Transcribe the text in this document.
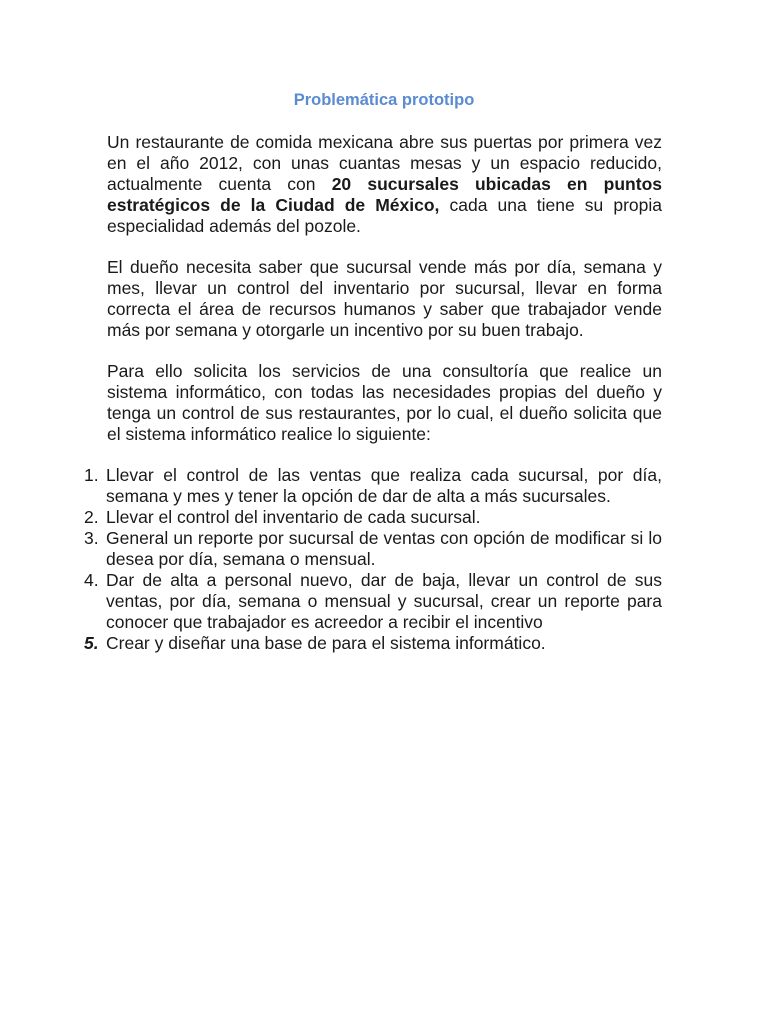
Problemática prototipo

Un restaurante de comida mexicana abre sus puertas por primera vez en el año 2012, con unas cuantas mesas y un espacio reducido, actualmente cuenta con 20 sucursales ubicadas en puntos estratégicos de la Ciudad de México, cada una tiene su propia especialidad además del pozole.

El dueño necesita saber que sucursal vende más por día, semana y mes, llevar un control del inventario por sucursal, llevar en forma correcta el área de recursos humanos y saber que trabajador vende más por semana y otorgarle un incentivo por su buen trabajo.

Para ello solicita los servicios de una consultoría que realice un sistema informático, con todas las necesidades propias del dueño y tenga un control de sus restaurantes, por lo cual, el dueño solicita que el sistema informático realice lo siguiente:

1. Llevar el control de las ventas que realiza cada sucursal, por día, semana y mes y tener la opción de dar de alta a más sucursales.
2. Llevar el control del inventario de cada sucursal.
3. General un reporte por sucursal de ventas con opción de modificar si lo desea por día, semana o mensual.
4. Dar de alta a personal nuevo, dar de baja, llevar un control de sus ventas, por día, semana o mensual y sucursal, crear un reporte para conocer que trabajador es acreedor a recibir el incentivo
5. Crear y diseñar una base de para el sistema informático.
